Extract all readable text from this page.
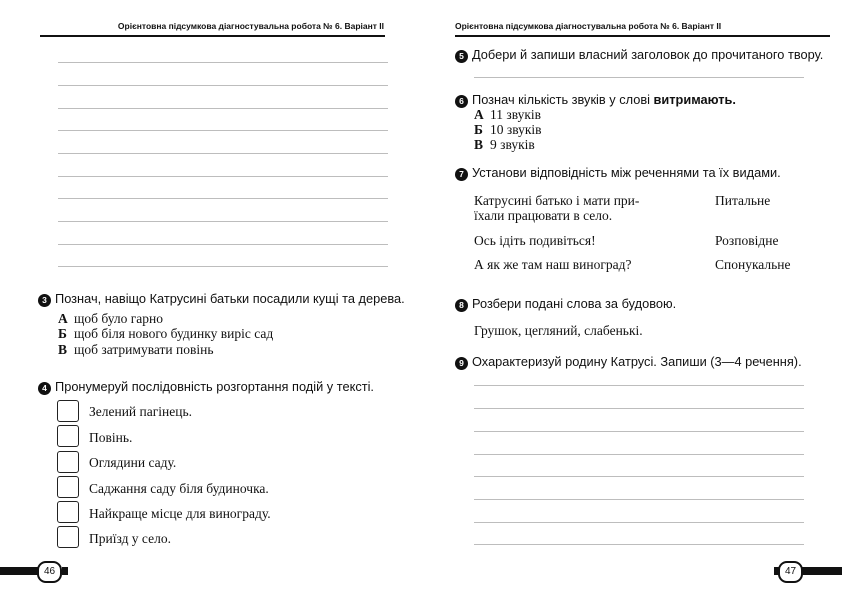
Орієнтовна підсумкова діагностувальна робота № 6. Варіант ІІ
3 Познач, навіщо Катрусині батьки посадили кущі та дерева.
А щоб було гарно
Б щоб біля нового будинку виріс сад
В щоб затримувати повінь
4 Пронумеруй послідовність розгортання подій у тексті.
Зелений пагінець.
Повінь.
Оглядини саду.
Саджання саду біля будиночка.
Найкраще місце для винограду.
Приїзд у село.
46
Орієнтовна підсумкова діагностувальна робота № 6. Варіант ІІ
5 Добери й запиши власний заголовок до прочитаного твору.
6 Познач кількість звуків у слові витримають.
А 11 звуків
Б 10 звуків
В 9 звуків
7 Установи відповідність між реченнями та їх видами.
Катрусині батько і мати при-
їхали працювати в село.
Ось ідіть подивіться!
А як же там наш виноград?
Питальне
Розповідне
Спонукальне
8 Розбери подані слова за будовою.
Грушок, цегляний, слабенькі.
9 Охарактеризуй родину Катрусі. Запиши (3—4 речення).
47
